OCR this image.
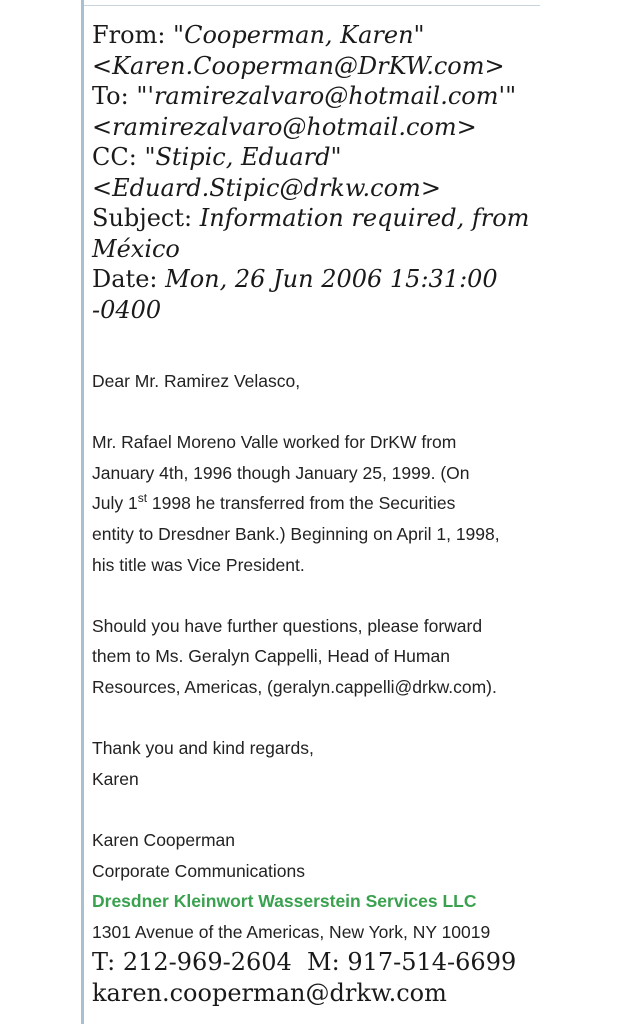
From: "Cooperman, Karen"
<Karen.Cooperman@DrKW.com>
To: "'ramirezalvaro@hotmail.com'"
<ramirezalvaro@hotmail.com>
CC: "Stipic, Eduard"
<Eduard.Stipic@drkw.com>
Subject: Information required, from
México
Date: Mon, 26 Jun 2006 15:31:00
-0400
Dear Mr. Ramirez Velasco,
Mr. Rafael Moreno Valle worked for DrKW from
January 4th, 1996 though January 25, 1999. (On
July 1st 1998 he transferred from the Securities
entity to Dresdner Bank.) Beginning on April 1, 1998,
his title was Vice President.
Should you have further questions, please forward
them to Ms. Geralyn Cappelli, Head of Human
Resources, Americas, (geralyn.cappelli@drkw.com).
Thank you and kind regards,
Karen
Karen Cooperman
Corporate Communications
Dresdner Kleinwort Wasserstein Services LLC
1301 Avenue of the Americas, New York, NY 10019
T: 212-969-2604  M: 917-514-6699
karen.cooperman@drkw.com
